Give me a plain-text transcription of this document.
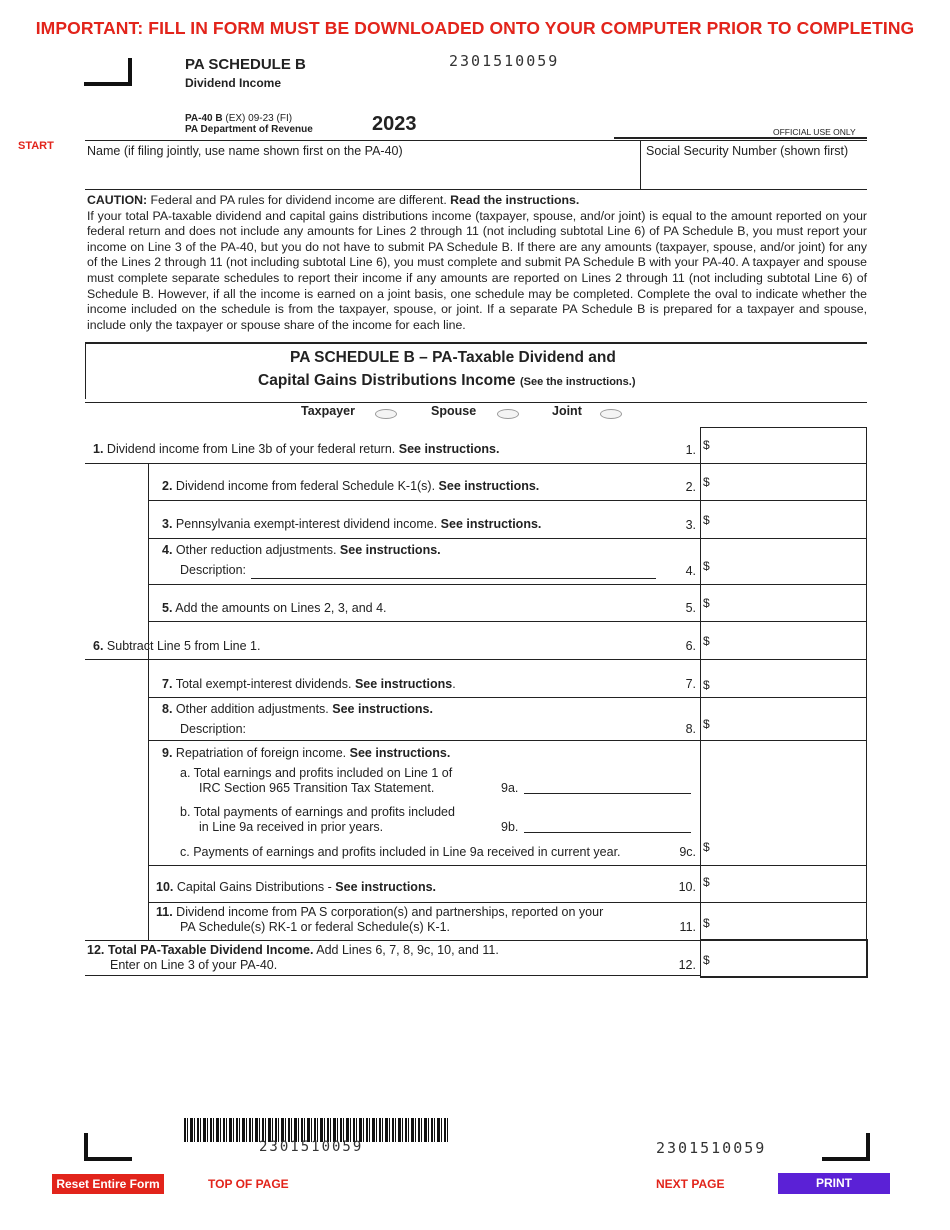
IMPORTANT: FILL IN FORM MUST BE DOWNLOADED ONTO YOUR COMPUTER PRIOR TO COMPLETING
START
PA SCHEDULE B
Dividend Income
2301510059
PA-40 B (EX) 09-23 (FI)
PA Department of Revenue	2023	OFFICIAL USE ONLY
Name (if filing jointly, use name shown first on the PA-40)	Social Security Number (shown first)

CAUTION: Federal and PA rules for dividend income are different. Read the instructions.

If your total PA-taxable dividend and capital gains distributions income (taxpayer, spouse, and/or joint) is equal to the amount reported on your federal return and does not include any amounts for Lines 2 through 11 (not including subtotal Line 6) of PA Schedule B, you must report your income on Line 3 of the PA-40, but you do not have to submit PA Schedule B. If there are any amounts (taxpayer, spouse, and/or joint) for any of the Lines 2 through 11 (not including subtotal Line 6), you must complete and submit PA Schedule B with your PA-40. A taxpayer and spouse must complete separate schedules to report their income if any amounts are reported on Lines 2 through 11 (not including subtotal Line 6) of Schedule B. However, if all the income is earned on a joint basis, one schedule may be completed. Complete the oval to indicate whether the income included on the schedule is from the taxpayer, spouse, or joint. If a separate PA Schedule B is prepared for a taxpayer and spouse, include only the taxpayer or spouse share of the income for each line.

PA SCHEDULE B – PA-Taxable Dividend and
Capital Gains Distributions Income (See the instructions.)
Taxpayer	Spouse	Joint
1. Dividend income from Line 3b of your federal return. See instructions.	1. $
2. Dividend income from federal Schedule K-1(s). See instructions.	2. $
3. Pennsylvania exempt-interest dividend income. See instructions.	3. $
4. Other reduction adjustments. See instructions.
Description:	4. $
5. Add the amounts on Lines 2, 3, and 4.	5. $
6. Subtract Line 5 from Line 1.	6. $
7. Total exempt-interest dividends. See instructions.	7. $
8. Other addition adjustments. See instructions.
Description:	8. $
9. Repatriation of foreign income. See instructions.
a. Total earnings and profits included on Line 1 of
IRC Section 965 Transition Tax Statement.	9a.
b. Total payments of earnings and profits included
in Line 9a received in prior years.	9b.
c. Payments of earnings and profits included in Line 9a received in current year.	9c. $
10. Capital Gains Distributions - See instructions.	10. $
11. Dividend income from PA S corporation(s) and partnerships, reported on your
PA Schedule(s) RK-1 or federal Schedule(s) K-1.	11. $
12. Total PA-Taxable Dividend Income. Add Lines 6, 7, 8, 9c, 10, and 11.
Enter on Line 3 of your PA-40.	12. $
2301510059	2301510059
Reset Entire Form	TOP OF PAGE	NEXT PAGE	PRINT
